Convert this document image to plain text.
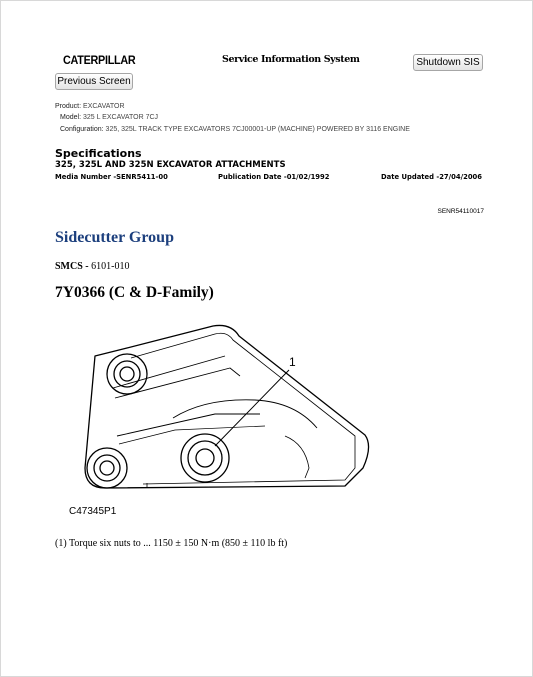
CATERPILLAR	Service Information System	Shutdown SIS
Previous Screen
Product: EXCAVATOR
Model: 325 L EXCAVATOR 7CJ
Configuration: 325, 325L TRACK TYPE EXCAVATORS 7CJ00001-UP (MACHINE) POWERED BY 3116 ENGINE
Specifications
325, 325L AND 325N EXCAVATOR ATTACHMENTS
Media Number -SENR5411-00	Publication Date -01/02/1992	Date Updated -27/04/2006
SENR54110017
Sidecutter Group
SMCS - 6101-010
7Y0366 (C & D-Family)
1
C47345P1
(1) Torque six nuts to ... 1150 ± 150 N·m (850 ± 110 lb ft)
